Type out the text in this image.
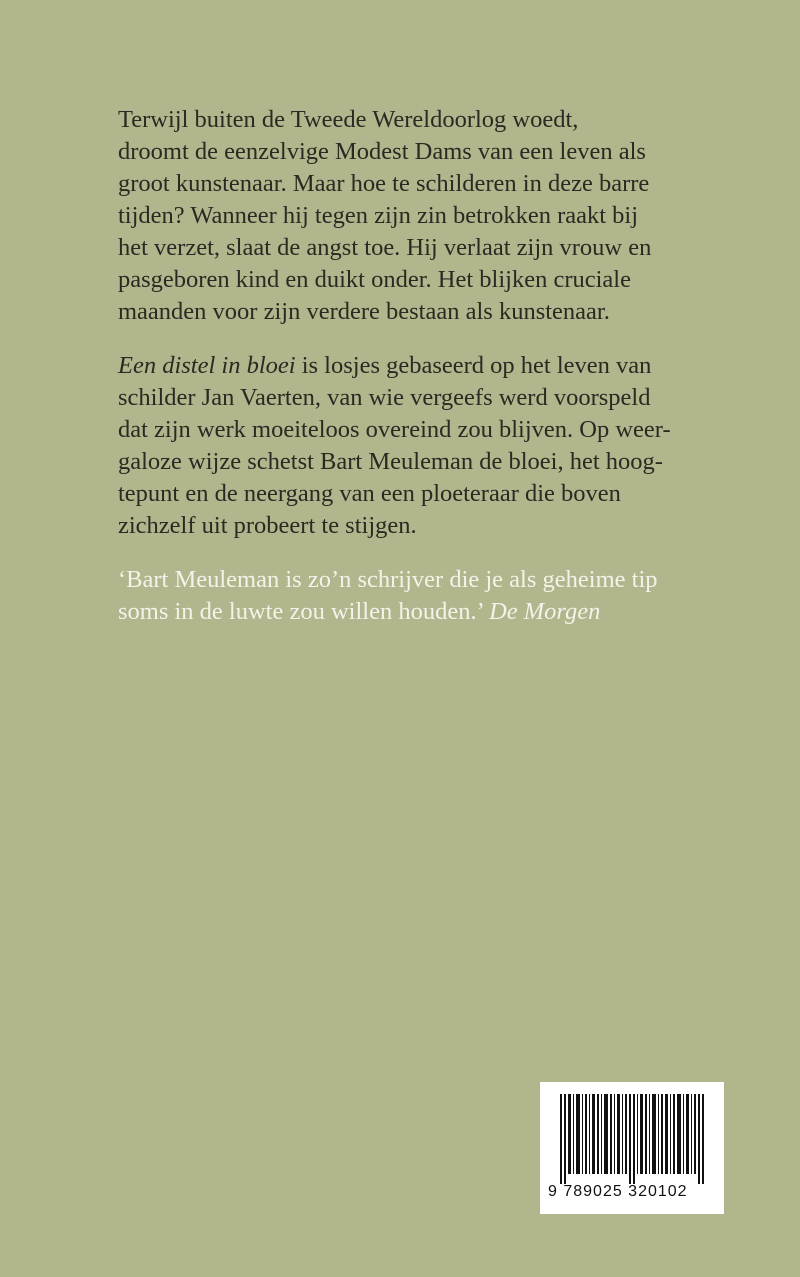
Terwijl buiten de Tweede Wereldoorlog woedt,
droomt de eenzelvige Modest Dams van een leven als
groot kunstenaar. Maar hoe te schilderen in deze barre
tijden? Wanneer hij tegen zijn zin betrokken raakt bij
het verzet, slaat de angst toe. Hij verlaat zijn vrouw en
pasgeboren kind en duikt onder. Het blijken cruciale
maanden voor zijn verdere bestaan als kunstenaar.

Een distel in bloei is losjes gebaseerd op het leven van
schilder Jan Vaerten, van wie vergeefs werd voorspeld
dat zijn werk moeiteloos overeind zou blijven. Op weer-
galoze wijze schetst Bart Meuleman de bloei, het hoog-
tepunt en de neergang van een ploeteraar die boven
zichzelf uit probeert te stijgen.

‘Bart Meuleman is zo’n schrijver die je als geheime tip
soms in de luwte zou willen houden.’ De Morgen

9 789025 320102
